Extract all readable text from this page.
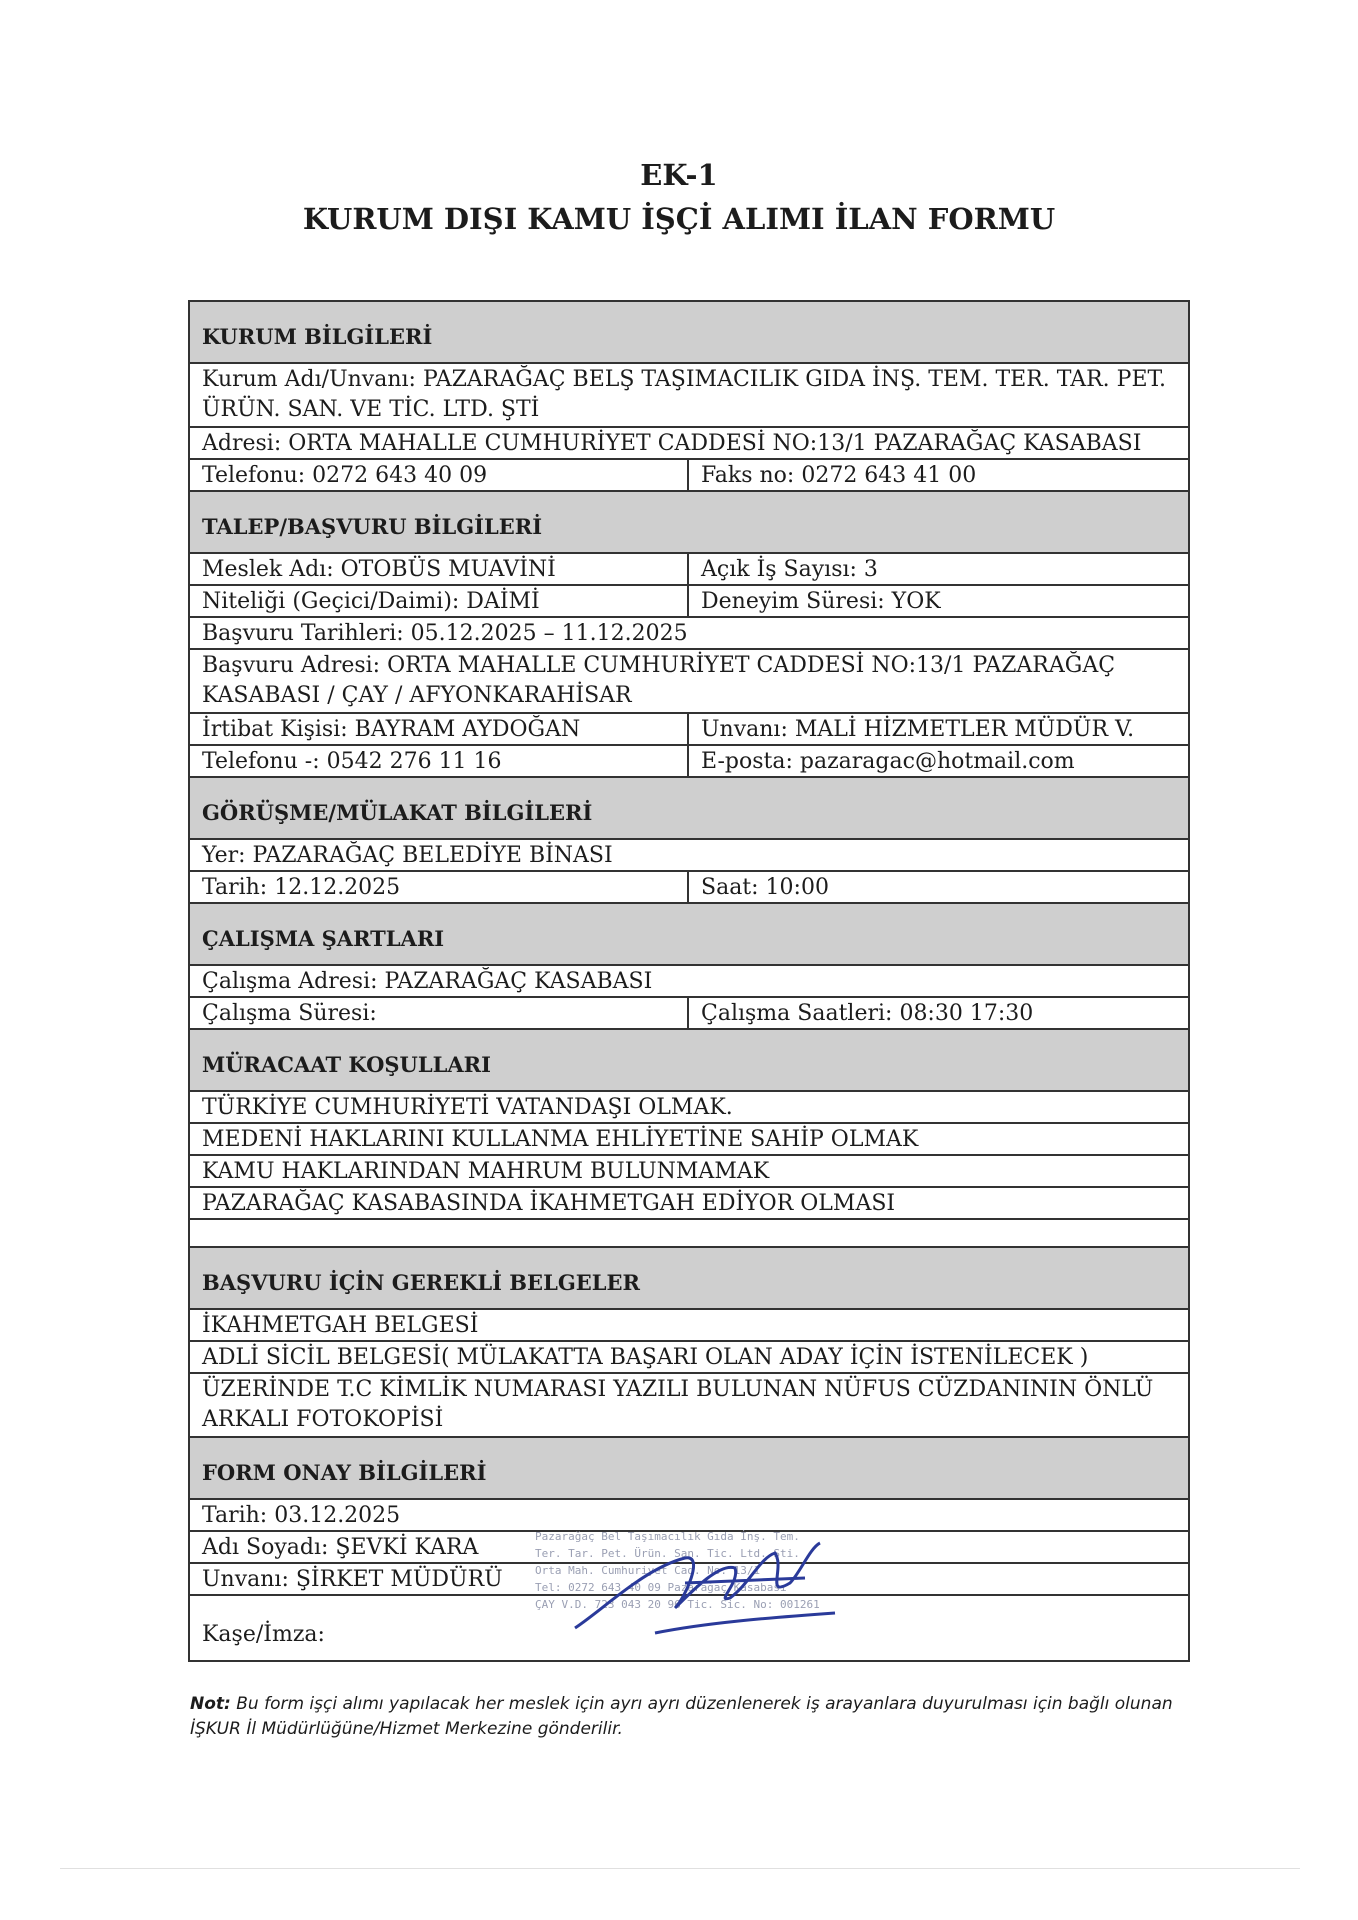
EK-1
KURUM DIŞI KAMU İŞÇİ ALIMI İLAN FORMU
KURUM BİLGİLERİ
Kurum Adı/Unvanı: PAZARAĞAÇ BELŞ TAŞIMACILIK GIDA İNŞ. TEM. TER. TAR. PET. ÜRÜN. SAN. VE TİC. LTD. ŞTİ
Adresi: ORTA MAHALLE CUMHURİYET CADDESİ NO:13/1 PAZARAĞAÇ KASABASI
Telefonu: 0272 643 40 09	Faks no: 0272 643 41 00
TALEP/BAŞVURU BİLGİLERİ
Meslek Adı: OTOBÜS MUAVİNİ	Açık İş Sayısı: 3
Niteliği (Geçici/Daimi): DAİMİ	Deneyim Süresi: YOK
Başvuru Tarihleri: 05.12.2025 – 11.12.2025
Başvuru Adresi: ORTA MAHALLE CUMHURİYET CADDESİ NO:13/1 PAZARAĞAÇ KASABASI / ÇAY / AFYONKARAHİSAR
İrtibat Kişisi: BAYRAM AYDOĞAN	Unvanı: MALİ HİZMETLER MÜDÜR V.
Telefonu -: 0542 276 11 16	E-posta: pazaragac@hotmail.com
GÖRÜŞME/MÜLAKAT BİLGİLERİ
Yer: PAZARAĞAÇ BELEDİYE BİNASI
Tarih: 12.12.2025	Saat: 10:00
ÇALIŞMA ŞARTLARI
Çalışma Adresi: PAZARAĞAÇ KASABASI
Çalışma Süresi:	Çalışma Saatleri: 08:30 17:30
MÜRACAAT KOŞULLARI
TÜRKİYE CUMHURİYETİ VATANDAŞI OLMAK.
MEDENİ HAKLARINI KULLANMA EHLİYETİNE SAHİP OLMAK
KAMU HAKLARINDAN MAHRUM BULUNMAMAK
PAZARAĞAÇ KASABASINDA İKAHMETGAH EDİYOR OLMASI
BAŞVURU İÇİN GEREKLİ BELGELER
İKAHMETGAH BELGESİ
ADLİ SİCİL BELGESİ( MÜLAKATTA BAŞARI OLAN ADAY İÇİN İSTENİLECEK )
ÜZERİNDE T.C KİMLİK NUMARASI YAZILI BULUNAN NÜFUS CÜZDANININ ÖNLÜ ARKALI FOTOKOPİSİ
FORM ONAY BİLGİLERİ
Tarih: 03.12.2025
Adı Soyadı: ŞEVKİ KARA
Unvanı: ŞİRKET MÜDÜRÜ
Kaşe/İmza:
Pazarağaç Bel Taşımacılık Gıda İnş. Tem.
Ter. Tar. Pet. Ürün. San. Tic. Ltd. Şti.
Orta Mah. Cumhuriyet Cad. No. 13/1
Tel: 0272 643 40 09 Pazarağaç Kasabası
ÇAY V.D. 723 043 20 96 Tic. Sic. No: 001261
Not: Bu form işçi alımı yapılacak her meslek için ayrı ayrı düzenlenerek iş arayanlara duyurulması için bağlı olunan İŞKUR İl Müdürlüğüne/Hizmet Merkezine gönderilir.
